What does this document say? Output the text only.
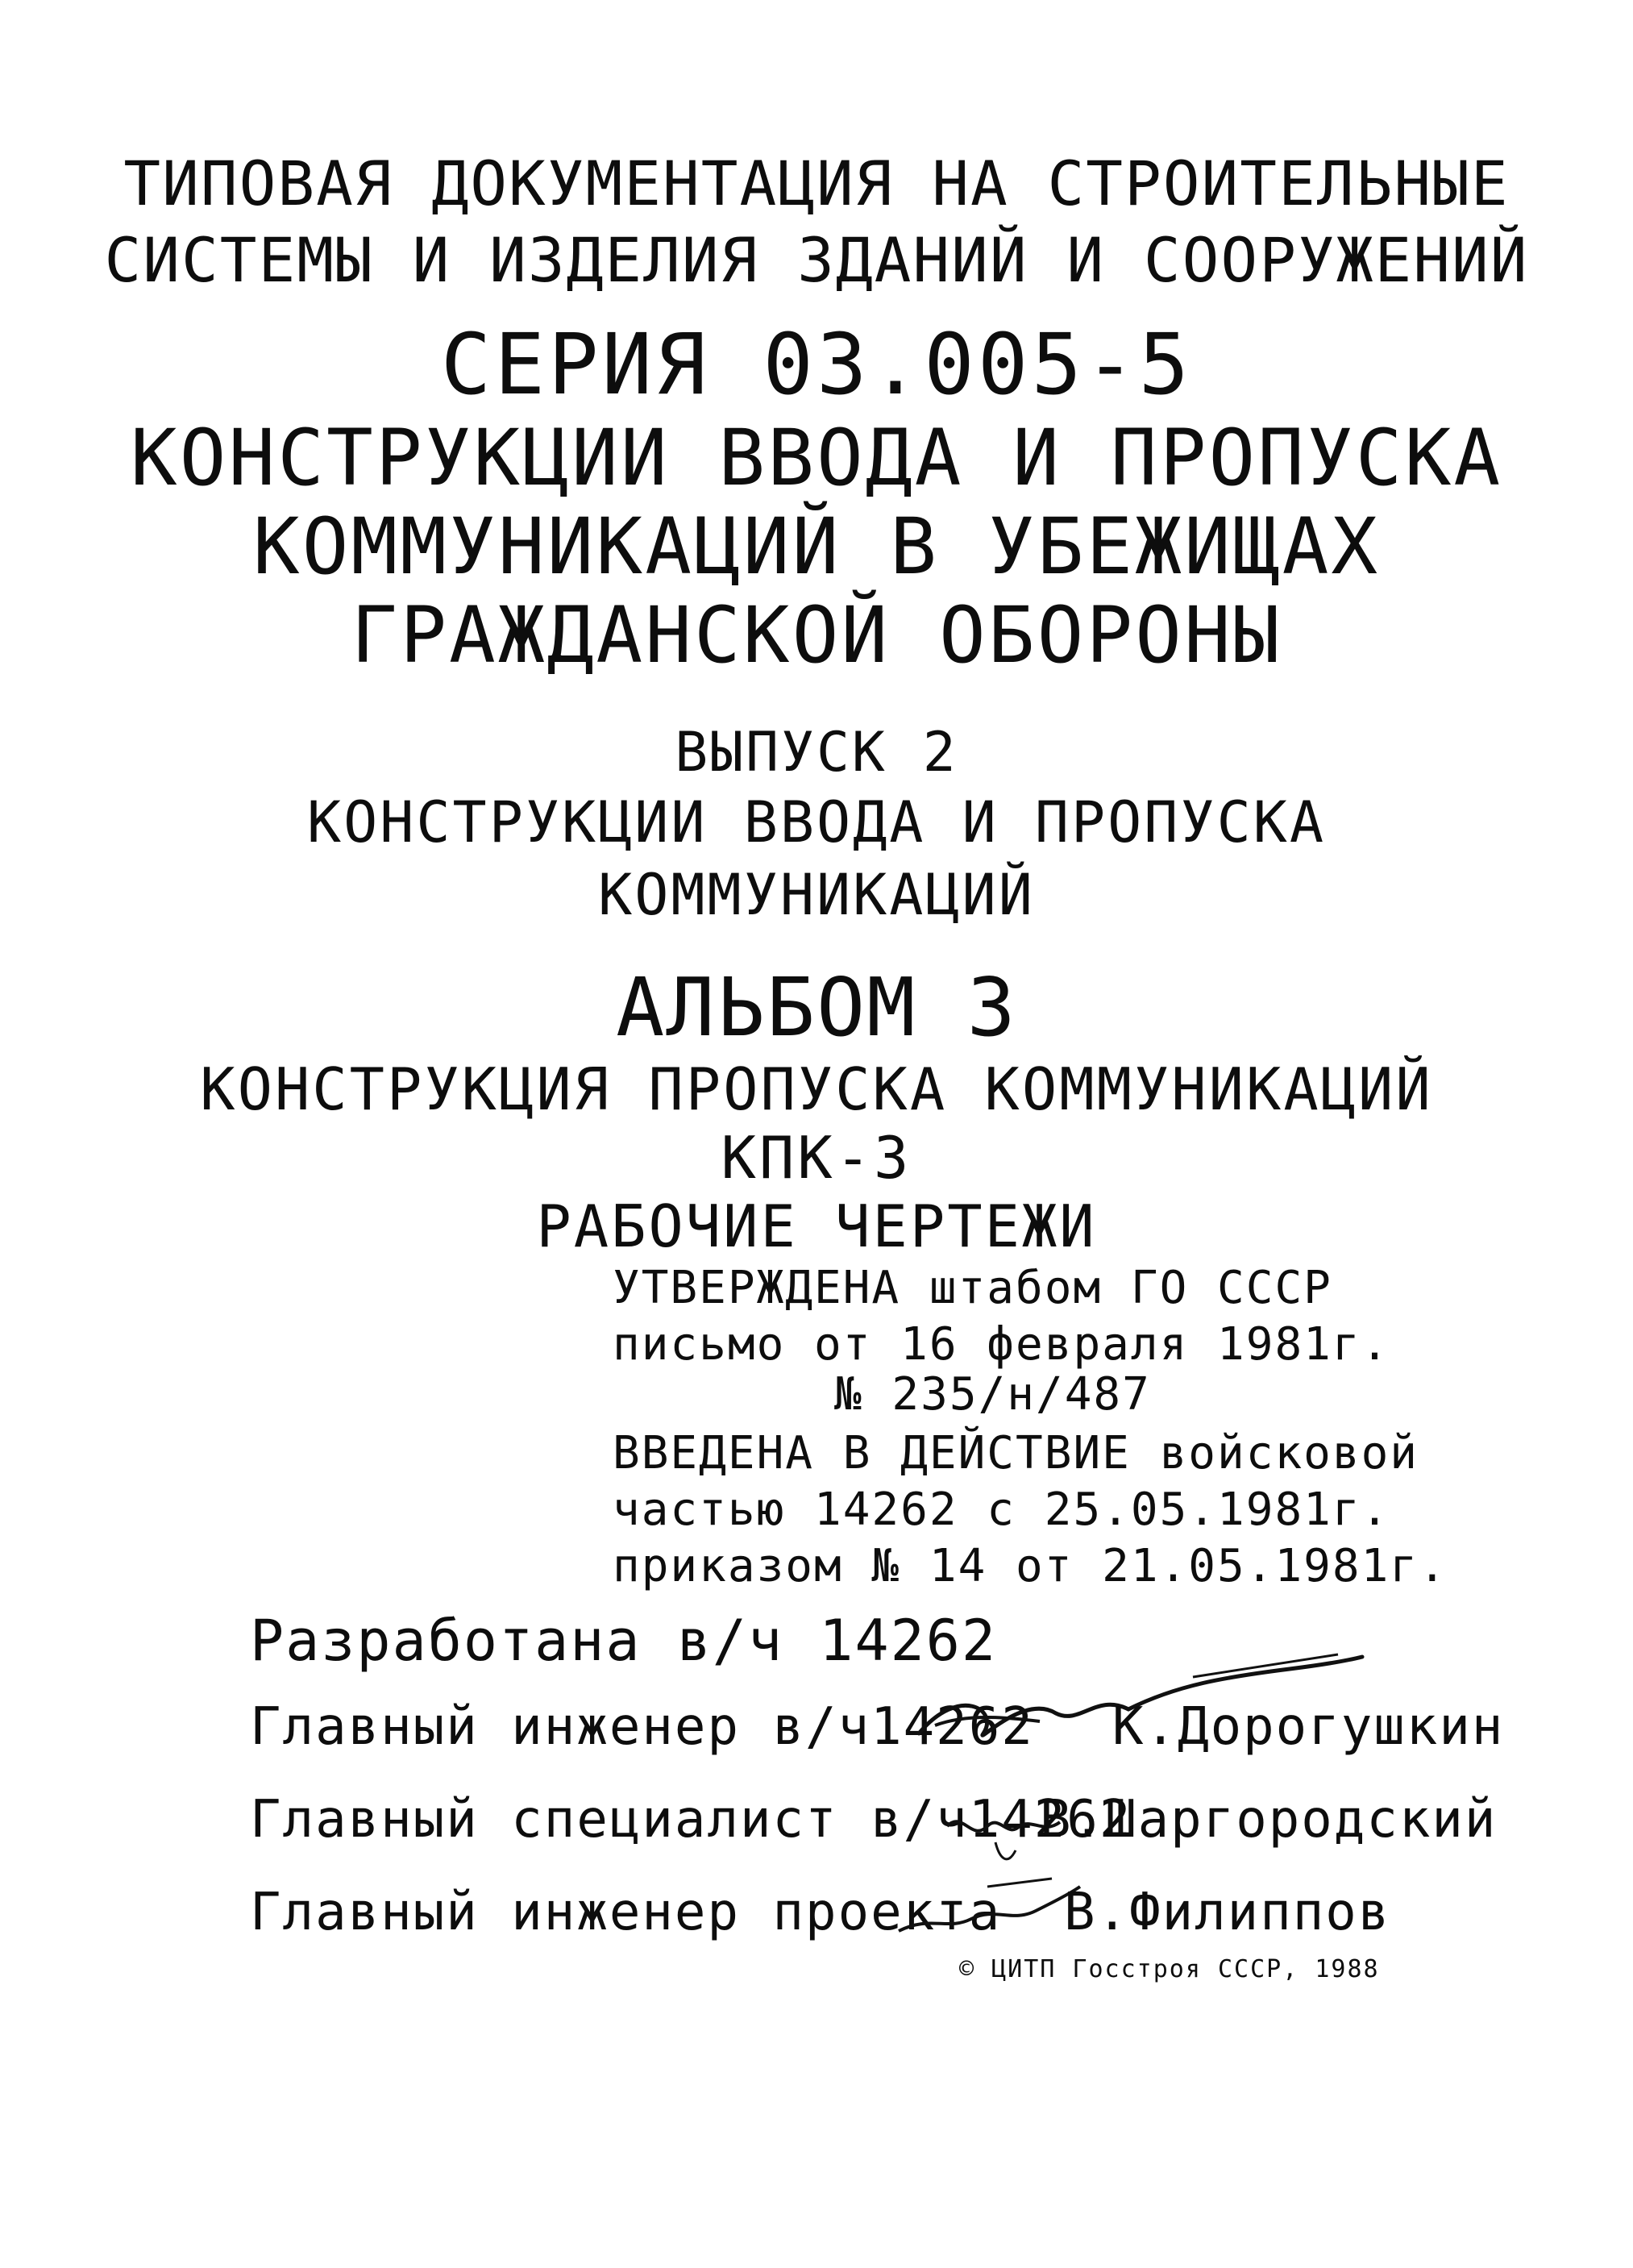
ТИПОВАЯ ДОКУМЕНТАЦИЯ НА СТРОИТЕЛЬНЫЕ
СИСТЕМЫ И ИЗДЕЛИЯ ЗДАНИЙ И СООРУЖЕНИЙ
СЕРИЯ 03.005-5
КОНСТРУКЦИИ ВВОДА И ПРОПУСКА
КОММУНИКАЦИЙ В УБЕЖИЩАХ
ГРАЖДАНСКОЙ ОБОРОНЫ
ВЫПУСК 2
КОНСТРУКЦИИ ВВОДА И ПРОПУСКА
КОММУНИКАЦИЙ
АЛЬБОМ 3
КОНСТРУКЦИЯ ПРОПУСКА КОММУНИКАЦИЙ
КПК-3
РАБОЧИЕ ЧЕРТЕЖИ
УТВЕРЖДЕНА штабом ГО СССР
письмо от 16 февраля 1981г.
№ 235/н/487
ВВЕДЕНА В ДЕЙСТВИЕ войсковой
частью 14262 с 25.05.1981г.
приказом № 14 от 21.05.1981г.
Разработана в/ч 14262
Главный инженер в/ч14262 К.Дорогушкин
Главный специалист в/ч14262
В.Шаргородский
Главный инженер проекта В.Филиппов
© ЦИТП Госстроя СССР, 1988
